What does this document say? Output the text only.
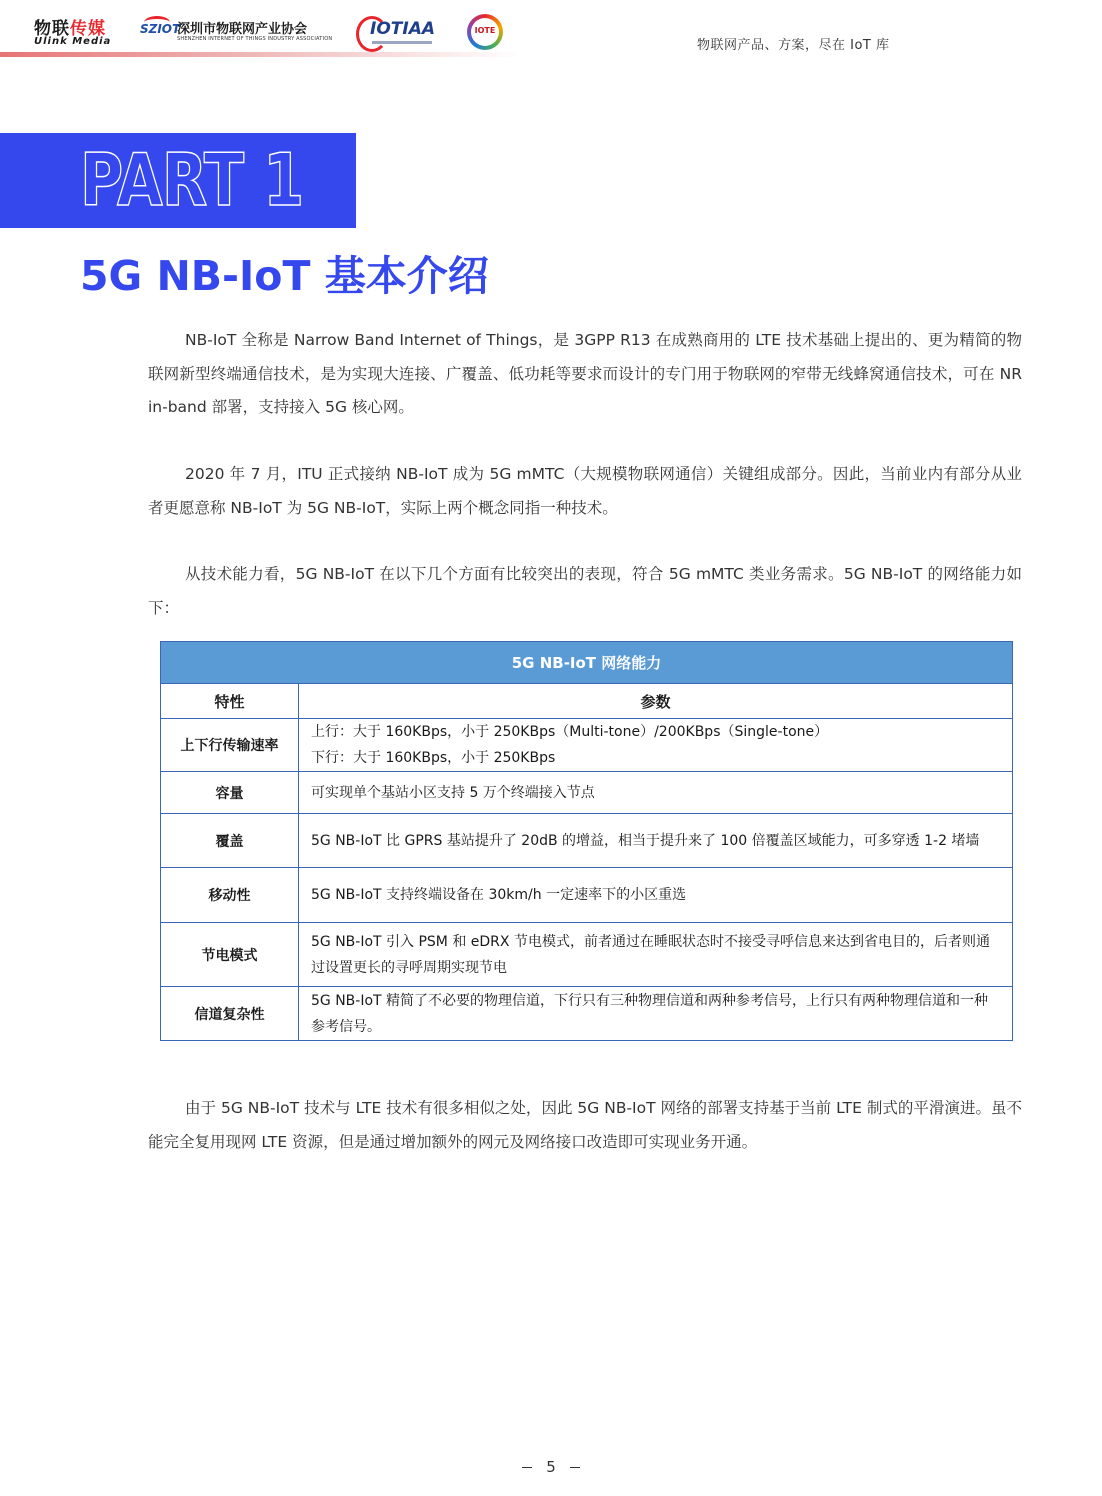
物联传媒
Ulink Media
SZIOT
深圳市物联网产业协会
SHENZHEN INTERNET OF THINGS INDUSTRY ASSOCIATION IOTIAA	IOTE
物联网产品、方案，尽在 IoT 库
PART 1
5G NB-IoT 基本介绍

NB-IoT 全称是 Narrow Band Internet of Things，是 3GPP R13 在成熟商用的 LTE 技术基础上提出的、更为精简的物联网新型终端通信技术，是为实现大连接、广覆盖、低功耗等要求而设计的专门用于物联网的窄带无线蜂窝通信技术，可在 NR in-band 部署，支持接入 5G 核心网。

2020 年 7 月，ITU 正式接纳 NB-IoT 成为 5G mMTC（大规模物联网通信）关键组成部分。因此，当前业内有部分从业者更愿意称 NB-IoT 为 5G NB-IoT，实际上两个概念同指一种技术。

从技术能力看，5G NB-IoT 在以下几个方面有比较突出的表现，符合 5G mMTC 类业务需求。5G NB-IoT 的网络能力如下：

5G NB-IoT 网络能力	
特性	参数
上下行传输速率	上行：大于 160KBps，小于 250KBps（Multi-tone）/200KBps（Single-tone）
下行：大于 160KBps，小于 250KBps

容量	可实现单个基站小区支持 5 万个终端接入节点

覆盖	5G NB-IoT 比 GPRS 基站提升了 20dB 的增益，相当于提升来了 100 倍覆盖区域能力，可多穿透 1-2 堵墙

移动性	5G NB-IoT 支持终端设备在 30km/h 一定速率下的小区重选

节电模式	5G NB-IoT 引入 PSM 和 eDRX 节电模式，前者通过在睡眠状态时不接受寻呼信息来达到省电目的，后者则通过设置更长的寻呼周期实现节电

信道复杂性	5G NB-IoT 精简了不必要的物理信道，下行只有三种物理信道和两种参考信号，上行只有两种物理信道和一种参考信号。

由于 5G NB-IoT 技术与 LTE 技术有很多相似之处，因此 5G NB-IoT 网络的部署支持基于当前 LTE 制式的平滑演进。虽不能完全复用现网 LTE 资源，但是通过增加额外的网元及网络接口改造即可实现业务开通。

5
